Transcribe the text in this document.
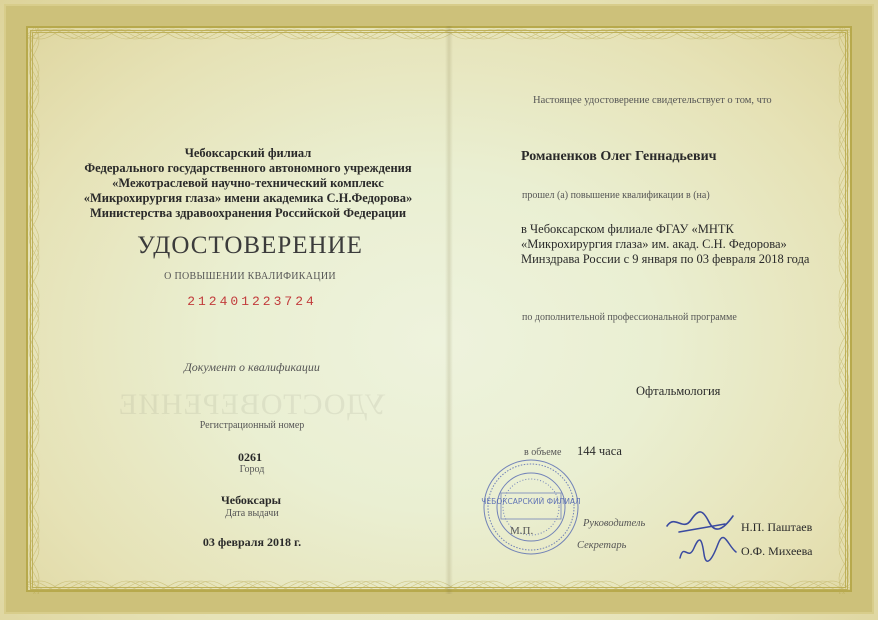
Чебоксарский филиал
Федерального государственного автономного учреждения
«Межотраслевой научно-технический комплекс
«Микрохирургия глаза» имени академика С.Н.Федорова»
Министерства здравоохранения Российской Федерации
УДОСТОВЕРЕНИЕ
О ПОВЫШЕНИИ КВАЛИФИКАЦИИ
212401223724
Документ о квалификации
УДОСТОВЕРЕНИЕ
Регистрационный номер
0261
Город
Чебоксары
Дата выдачи
03 февраля 2018 г.
Настоящее удостоверение свидетельствует о том, что
Романенков Олег Геннадьевич
прошел (а) повышение квалификации в (на)
в Чебоксарском филиале ФГАУ «МНТК
«Микрохирургия глаза» им. акад. С.Н. Федорова»
Минздрава России с 9 января по 03 февраля 2018 года
по дополнительной профессиональной программе
Офтальмология
в объеме 144 часа
ЧЕБОКСАРСКИЙ ФИЛИАЛ
М.П.
Руководитель
Секретарь
Н.П. Паштаев
О.Ф. Михеева
